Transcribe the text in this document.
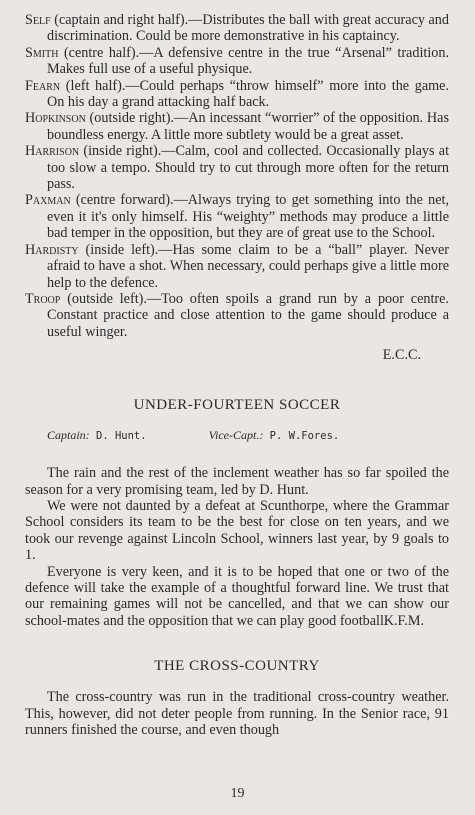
Self (captain and right half).—Distributes the ball with great accuracy and discrimination. Could be more demonstrative in his captaincy.

Smith (centre half).—A defensive centre in the true “Arsenal” tradition. Makes full use of a useful physique.

Fearn (left half).—Could perhaps “throw himself” more into the game. On his day a grand attacking half back.

Hopkinson (outside right).—An incessant “worrier” of the opposition. Has boundless energy. A little more subtlety would be a great asset.

Harrison (inside right).—Calm, cool and collected. Occasionally plays at too slow a tempo. Should try to cut through more often for the return pass.

Paxman (centre forward).—Always trying to get something into the net, even it it's only himself. His “weighty” methods may produce a little bad temper in the opposition, but they are of great use to the School.

Hardisty (inside left).—Has some claim to be a “ball” player. Never afraid to have a shot. When necessary, could perhaps give a little more help to the defence.

Troop (outside left).—Too often spoils a grand run by a poor centre. Constant practice and close attention to the game should produce a useful winger.

E.C.C.
UNDER-FOURTEEN SOCCER
Captain: D. Hunt.	Vice-Capt.: P. W.Fores.

The rain and the rest of the inclement weather has so far spoiled the season for a very promising team, led by D. Hunt.

We were not daunted by a defeat at Scunthorpe, where the Grammar School considers its team to be the best for close on ten years, and we took our revenge against Lincoln School, winners last year, by 9 goals to 1.

Everyone is very keen, and it is to be hoped that one or two of the defence will take the example of a thoughtful forward line. We trust that our remaining games will not be cancelled, and that we can show our school-mates and the opposition that we can play good football.

K.F.M.
THE CROSS-COUNTRY

The cross-country was run in the traditional cross-country weather. This, however, did not deter people from running. In the Senior race, 91 runners finished the course, and even though

19
